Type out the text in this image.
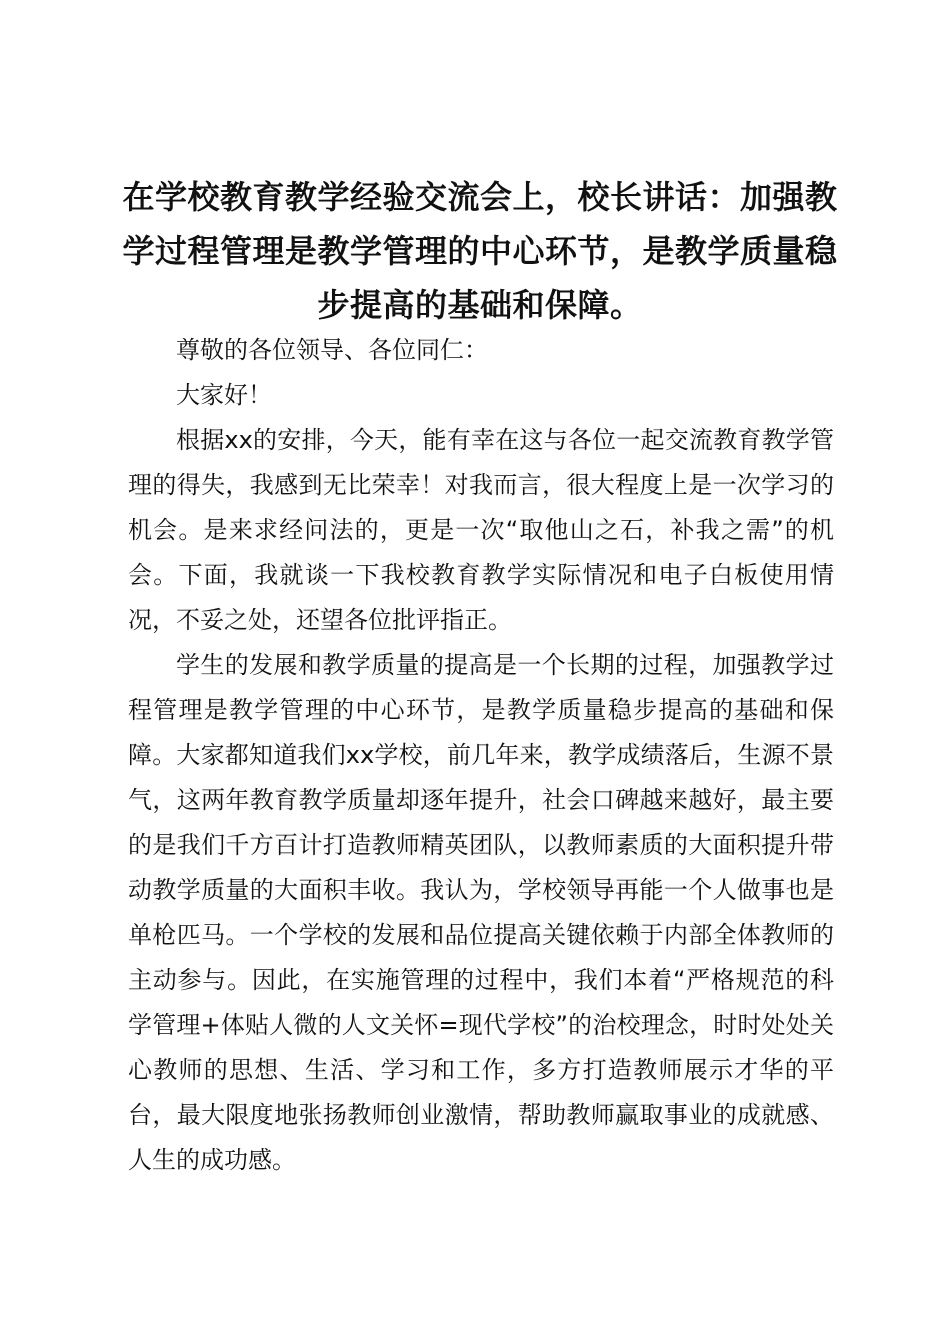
在学校教育教学经验交流会上，校长讲话：加强教学过程管理是教学管理的中心环节，是教学质量稳步提高的基础和保障。

尊敬的各位领导、各位同仁：

大家好！

根据xx的安排，今天，能有幸在这与各位一起交流教育教学管理的得失，我感到无比荣幸！对我而言，很大程度上是一次学习的机会。是来求经问法的，更是一次“取他山之石，补我之需”的机会。下面，我就谈一下我校教育教学实际情况和电子白板使用情况，不妥之处，还望各位批评指正。

学生的发展和教学质量的提高是一个长期的过程，加强教学过程管理是教学管理的中心环节，是教学质量稳步提高的基础和保障。大家都知道我们xx学校，前几年来，教学成绩落后，生源不景气，这两年教育教学质量却逐年提升，社会口碑越来越好，最主要的是我们千方百计打造教师精英团队，以教师素质的大面积提升带动教学质量的大面积丰收。我认为，学校领导再能一个人做事也是单枪匹马。一个学校的发展和品位提高关键依赖于内部全体教师的主动参与。因此，在实施管理的过程中，我们本着“严格规范的科学管理+体贴人微的人文关怀=现代学校”的治校理念，时时处处关心教师的思想、生活、学习和工作，多方打造教师展示才华的平台，最大限度地张扬教师创业激情，帮助教师赢取事业的成就感、人生的成功感。
